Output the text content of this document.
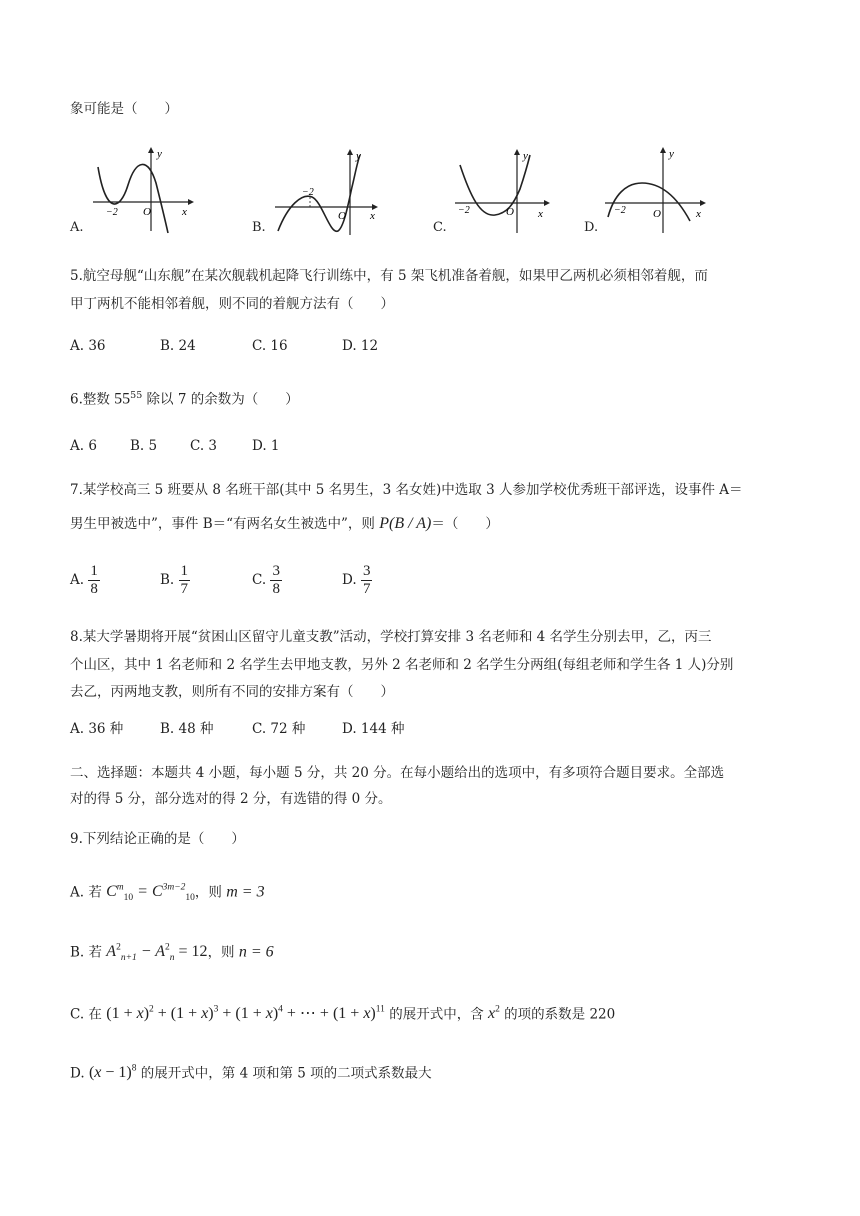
象可能是（　　）
y
x
O
−2
y
x
O
−2
y
x
O
−2
y
x
O
−2
A.	B.	C.	D.
5.航空母舰“山东舰”在某次舰载机起降飞行训练中，有 5 架飞机准备着舰，如果甲乙两机必须相邻着舰，而
甲丁两机不能相邻着舰，则不同的着舰方法有（　　）
A. 36	B. 24	C. 16	D. 12
6.整数 $55^{55}$ 除以 7 的余数为（　　）
A. 6 B. 5 C. 3	D. 1
7.某学校高三 5 班要从 8 名班干部(其中 5 名男生，3 名女姓)中选取 3 人参加学校优秀班干部评选，设事件 A＝
男生甲被选中”，事件 B＝“有两名女生被选中”，则 P(B / A)＝（　　）
A. $\frac{1}{8}$	B. $\frac{1}{7}$	C. $\frac{3}{8}$	D. $\frac{3}{7}$
8.某大学暑期将开展“贫困山区留守儿童支教”活动，学校打算安排 3 名老师和 4 名学生分别去甲，乙，丙三
个山区，其中 1 名老师和 2 名学生去甲地支教，另外 2 名老师和 2 名学生分两组(每组老师和学生各 1 人)分别
去乙，丙两地支教，则所有不同的安排方案有（　　）
A. 36 种	B. 48 种	C. 72 种	D. 144 种
二、选择题：本题共 4 小题，每小题 5 分，共 20 分。在每小题给出的选项中，有多项符合题目要求。全部选
对的得 5 分，部分选对的得 2 分，有选错的得 0 分。
9.下列结论正确的是（　　）
A. 若 $C^m_{10} = C^{3m-2}_{10}$，则 m = 3
B. 若 $A^2_{n+1} - A^2_n = 12$，则 n = 6
C. 在 $(1 + x)^2 + (1 + x)^3 + (1 + x)^4$ + ⋯ + $(1 + x)^{11}$ 的展开式中，含 $x^2$ 的项的系数是 220
D. $(x - 1)^8$ 的展开式中，第 4 项和第 5 项的二项式系数最大
